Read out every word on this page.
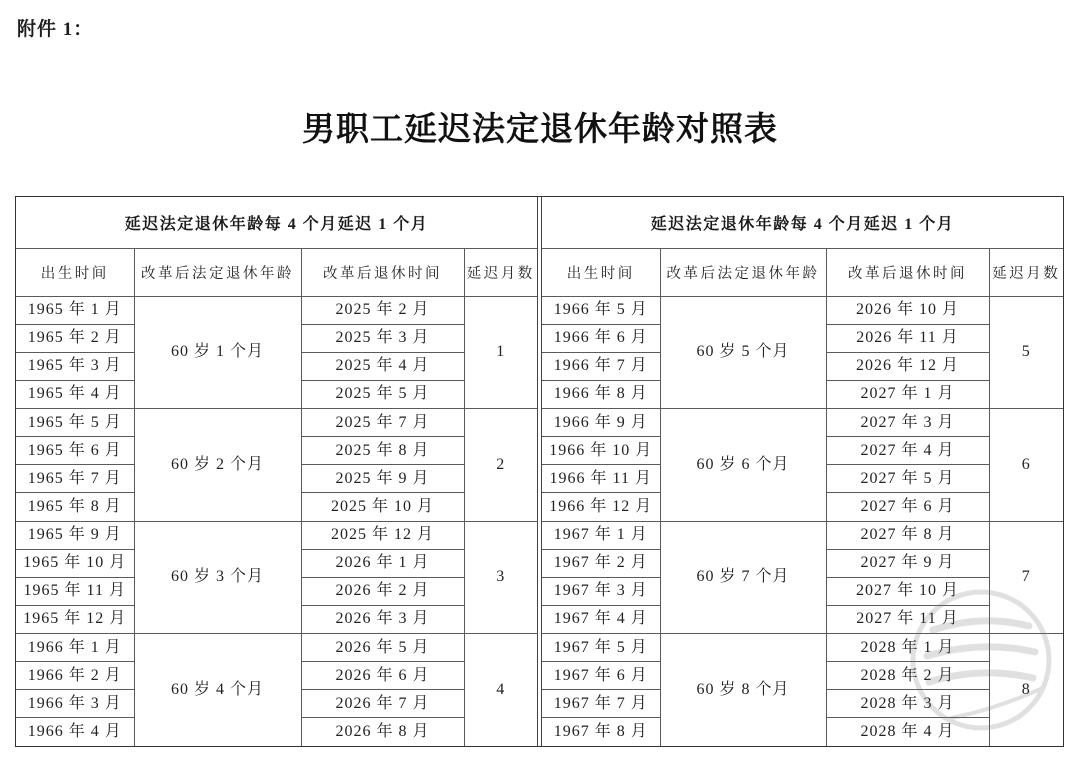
附件 1：
男职工延迟法定退休年龄对照表
延迟法定退休年龄每 4 个月延迟 1 个月			
出生时间	改革后法定退休年龄	改革后退休时间	延迟月数
1965 年 1 月	60 岁 1 个月	2025 年 2 月	1
1965 年 2 月		2025 年 3 月	
1965 年 3 月		2025 年 4 月	
1965 年 4 月		2025 年 5 月	
1965 年 5 月	60 岁 2 个月	2025 年 7 月	2
1965 年 6 月		2025 年 8 月	
1965 年 7 月		2025 年 9 月	
1965 年 8 月		2025 年 10 月	
1965 年 9 月	60 岁 3 个月	2025 年 12 月	3
1965 年 10 月		2026 年 1 月	
1965 年 11 月		2026 年 2 月	
1965 年 12 月		2026 年 3 月	
1966 年 1 月	60 岁 4 个月	2026 年 5 月	4
1966 年 2 月		2026 年 6 月	
1966 年 3 月		2026 年 7 月	
1966 年 4 月		2026 年 8 月	
延迟法定退休年龄每 4 个月延迟 1 个月			
出生时间	改革后法定退休年龄	改革后退休时间	延迟月数
1966 年 5 月	60 岁 5 个月	2026 年 10 月	5
1966 年 6 月		2026 年 11 月	
1966 年 7 月		2026 年 12 月	
1966 年 8 月		2027 年 1 月	
1966 年 9 月	60 岁 6 个月	2027 年 3 月	6
1966 年 10 月		2027 年 4 月	
1966 年 11 月		2027 年 5 月	
1966 年 12 月		2027 年 6 月	
1967 年 1 月	60 岁 7 个月	2027 年 8 月	7
1967 年 2 月		2027 年 9 月	
1967 年 3 月		2027 年 10 月	
1967 年 4 月		2027 年 11 月	
1967 年 5 月	60 岁 8 个月	2028 年 1 月	8
1967 年 6 月		2028 年 2 月	
1967 年 7 月		2028 年 3 月	
1967 年 8 月		2028 年 4 月	
